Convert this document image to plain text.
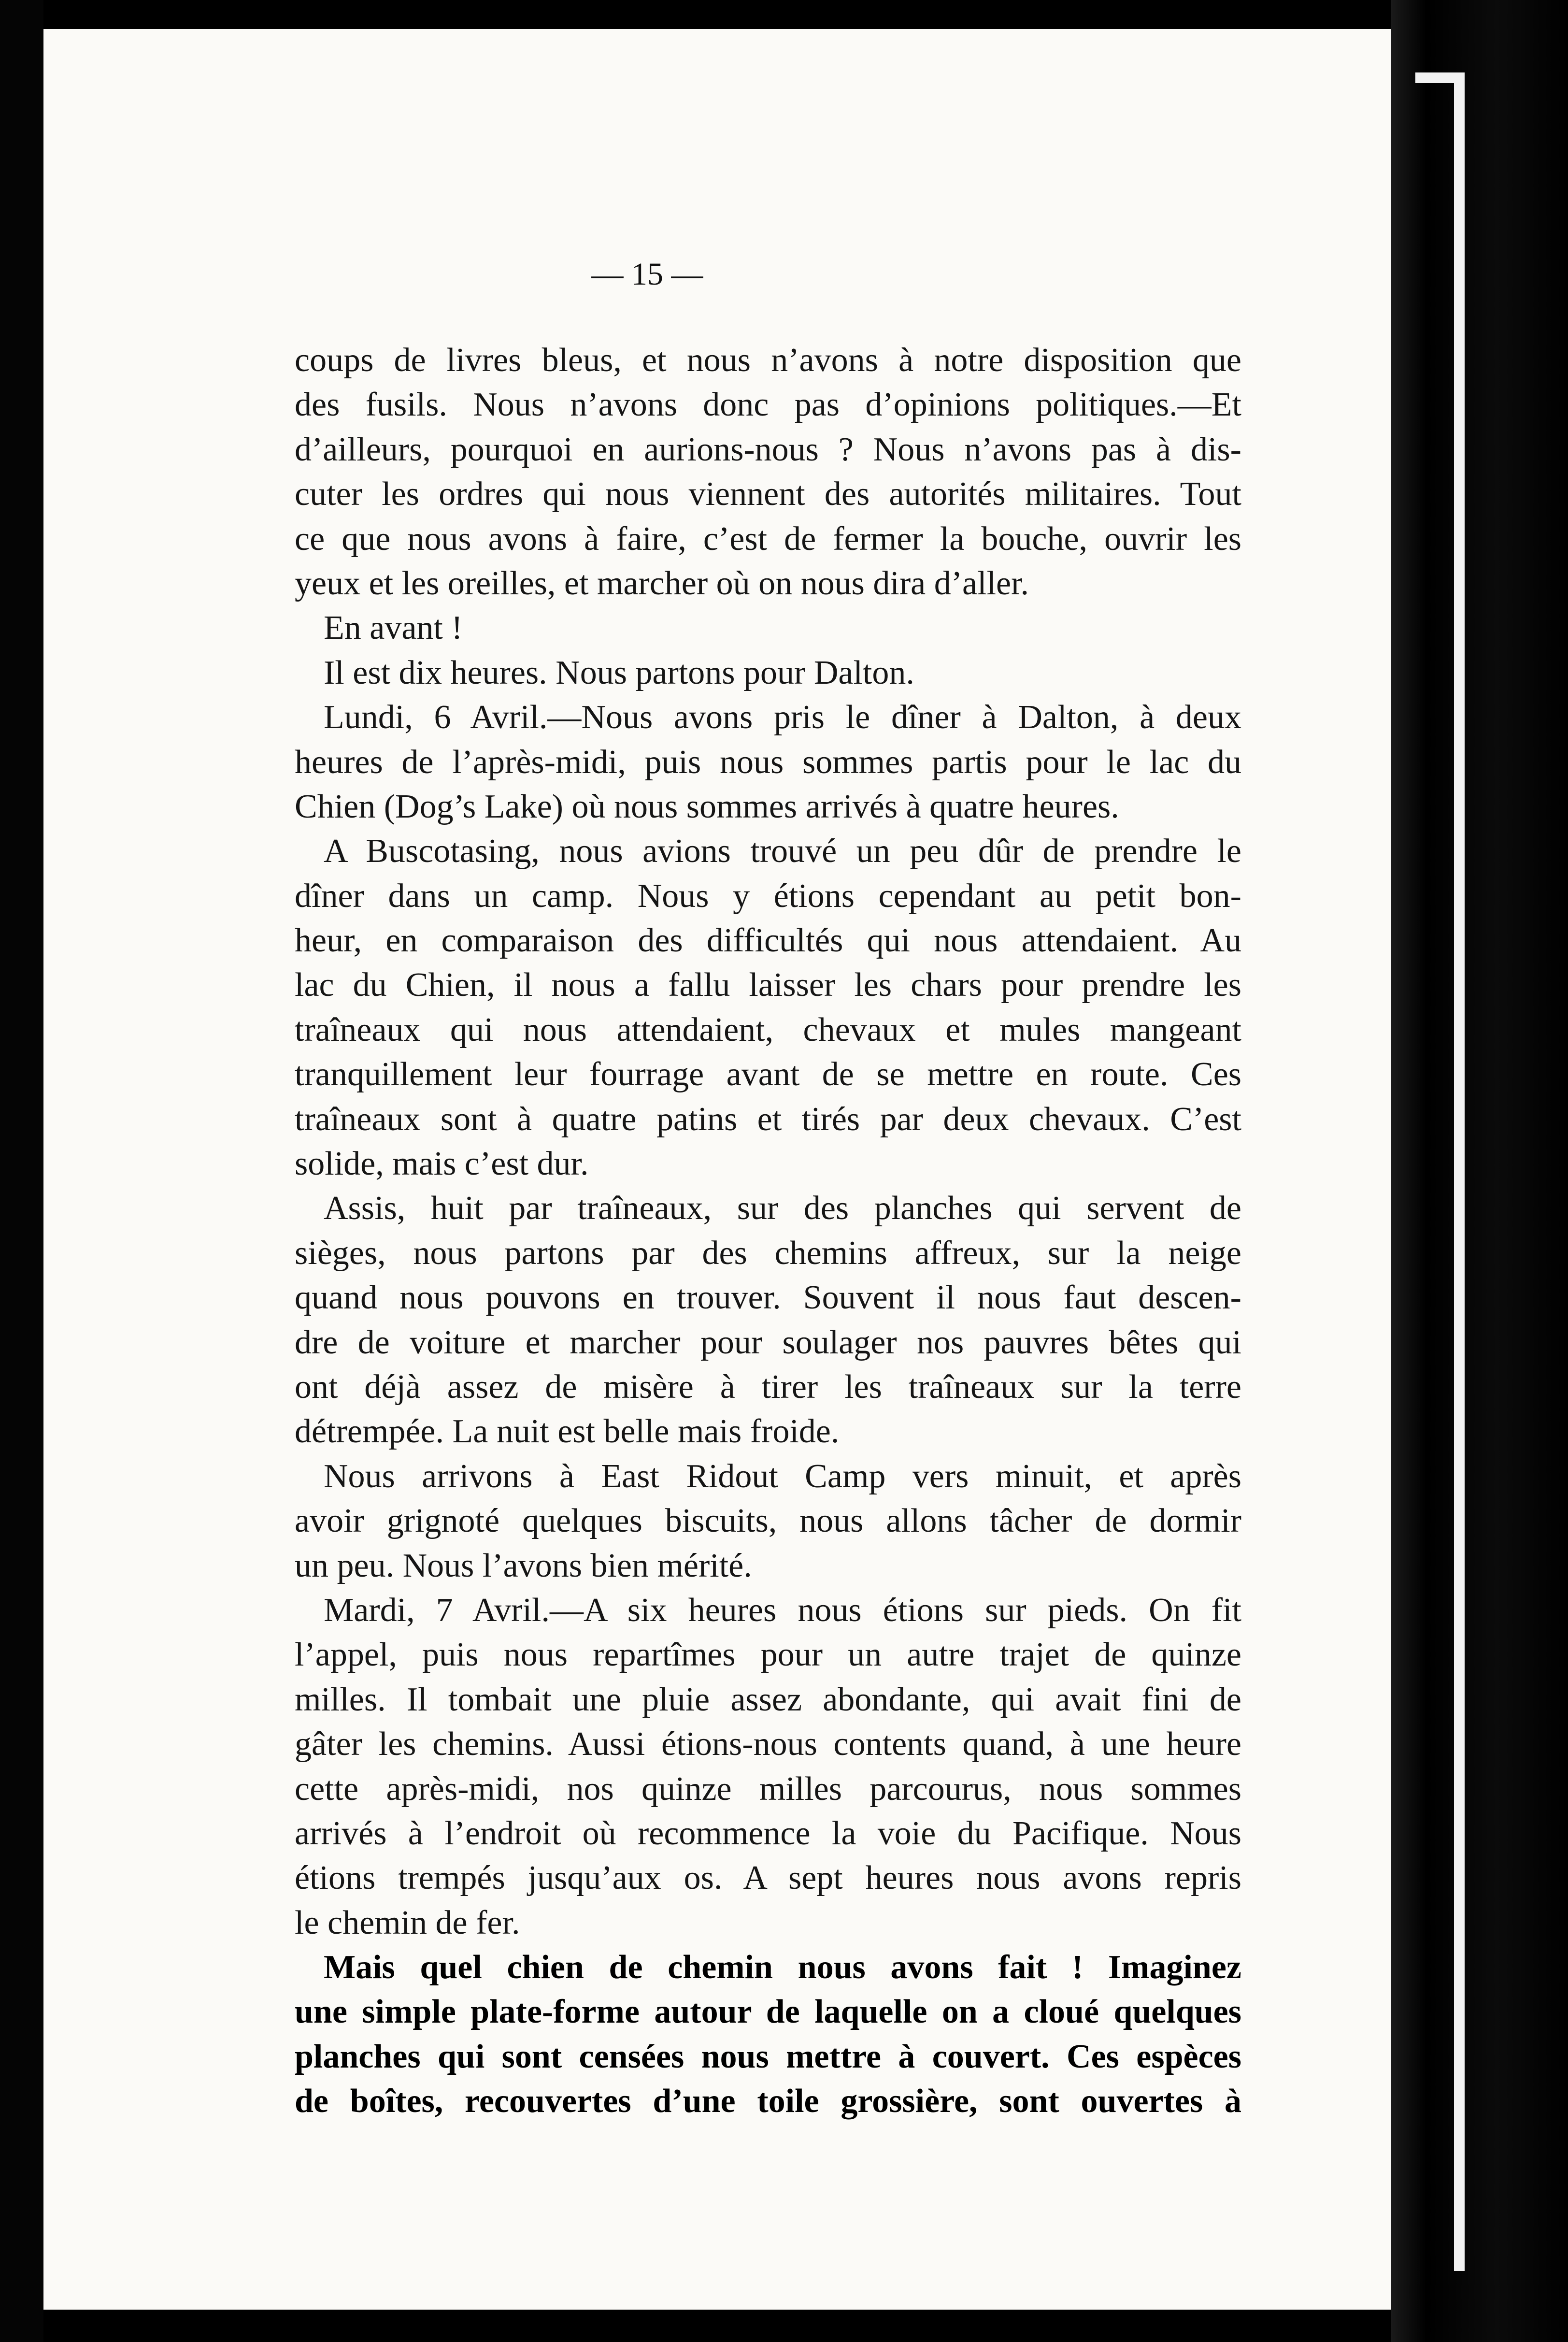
— 15 —
coups de livres bleus, et nous n’avons à notre disposition que
des fusils. Nous n’avons donc pas d’opinions politiques.—Et
d’ailleurs, pourquoi en aurions-nous ? Nous n’avons pas à dis-
cuter les ordres qui nous viennent des autorités militaires. Tout
ce que nous avons à faire, c’est de fermer la bouche, ouvrir les
yeux et les oreilles, et marcher où on nous dira d’aller.
En avant !
Il est dix heures. Nous partons pour Dalton.
Lundi, 6 Avril.—Nous avons pris le dîner à Dalton, à deux
heures de l’après-midi, puis nous sommes partis pour le lac du
Chien (Dog’s Lake) où nous sommes arrivés à quatre heures.
A Buscotasing, nous avions trouvé un peu dûr de prendre le
dîner dans un camp. Nous y étions cependant au petit bon-
heur, en comparaison des difficultés qui nous attendaient. Au
lac du Chien, il nous a fallu laisser les chars pour prendre les
traîneaux qui nous attendaient, chevaux et mules mangeant
tranquillement leur fourrage avant de se mettre en route. Ces
traîneaux sont à quatre patins et tirés par deux chevaux. C’est
solide, mais c’est dur.
Assis, huit par traîneaux, sur des planches qui servent de
sièges, nous partons par des chemins affreux, sur la neige
quand nous pouvons en trouver. Souvent il nous faut descen-
dre de voiture et marcher pour soulager nos pauvres bêtes qui
ont déjà assez de misère à tirer les traîneaux sur la terre
détrempée. La nuit est belle mais froide.
Nous arrivons à East Ridout Camp vers minuit, et après
avoir grignoté quelques biscuits, nous allons tâcher de dormir
un peu. Nous l’avons bien mérité.
Mardi, 7 Avril.—A six heures nous étions sur pieds. On fit
l’appel, puis nous repartîmes pour un autre trajet de quinze
milles. Il tombait une pluie assez abondante, qui avait fini de
gâter les chemins. Aussi étions-nous contents quand, à une heure
cette après-midi, nos quinze milles parcourus, nous sommes
arrivés à l’endroit où recommence la voie du Pacifique. Nous
étions trempés jusqu’aux os. A sept heures nous avons repris
le chemin de fer.
Mais quel chien de chemin nous avons fait ! Imaginez
une simple plate-forme autour de laquelle on a cloué quelques
planches qui sont censées nous mettre à couvert. Ces espèces
de boîtes, recouvertes d’une toile grossière, sont ouvertes à
